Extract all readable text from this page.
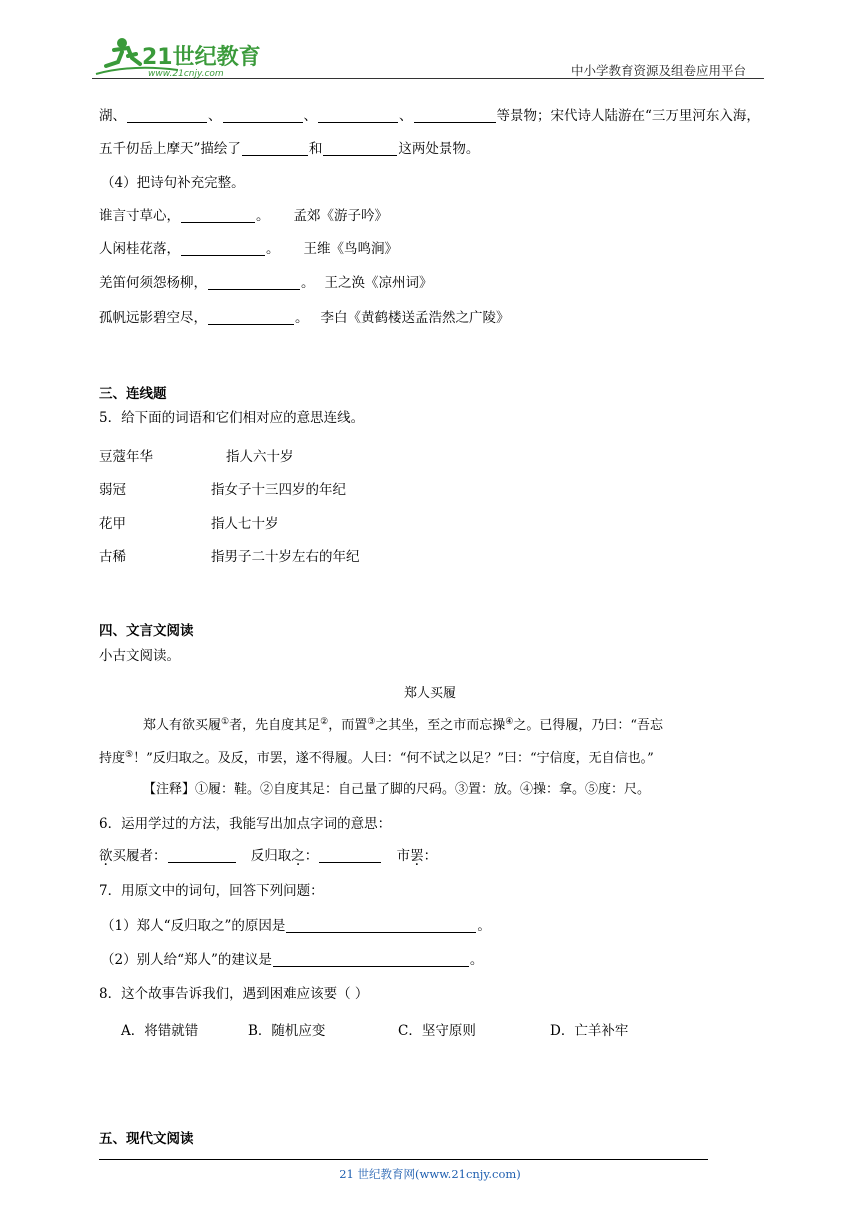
21世纪教育
www.21cnjy.com	中小学教育资源及组卷应用平台
湖、	、	、	、	等景物；宋代诗人陆游在“三万里河东入海，
五千仞岳上摩天”描绘了	和	这两处景物。
（4）把诗句补充完整。
谁言寸草心，	。 孟郊《游子吟》
人闲桂花落，	。 王维《鸟鸣涧》
羌笛何须怨杨柳，	。 王之涣《凉州词》
孤帆远影碧空尽，	。 李白《黄鹤楼送孟浩然之广陵》
三、连线题
5．给下面的词语和它们相对应的意思连线。
豆蔻年华	指人六十岁
弱冠	指女子十三四岁的年纪
花甲	指人七十岁
古稀	指男子二十岁左右的年纪
四、文言文阅读
小古文阅读。
郑人买履
郑人有欲买履①者，先自度其足②，而置③之其坐，至之市而忘操④之。已得履，乃曰：“吾忘
持度⑤！”反归取之。及反，市罢，遂不得履。人曰：“何不试之以足？”曰：“宁信度，无自信也。”
【注释】①履：鞋。②自度其足：自己量了脚的尺码。③置：放。④操：拿。⑤度：尺。
6．运用学过的方法，我能写出加点字词的意思：
欲买履者：	反归取之：	市罢：
7．用原文中的词句，回答下列问题：
（1）郑人“反归取之”的原因是	。
（2）别人给“郑人”的建议是	。
8．这个故事告诉我们，遇到困难应该要（ ）
A．将错就错	B．随机应变	C．坚守原则	D．亡羊补牢
五、现代文阅读
21 世纪教育网(www.21cnjy.com)
